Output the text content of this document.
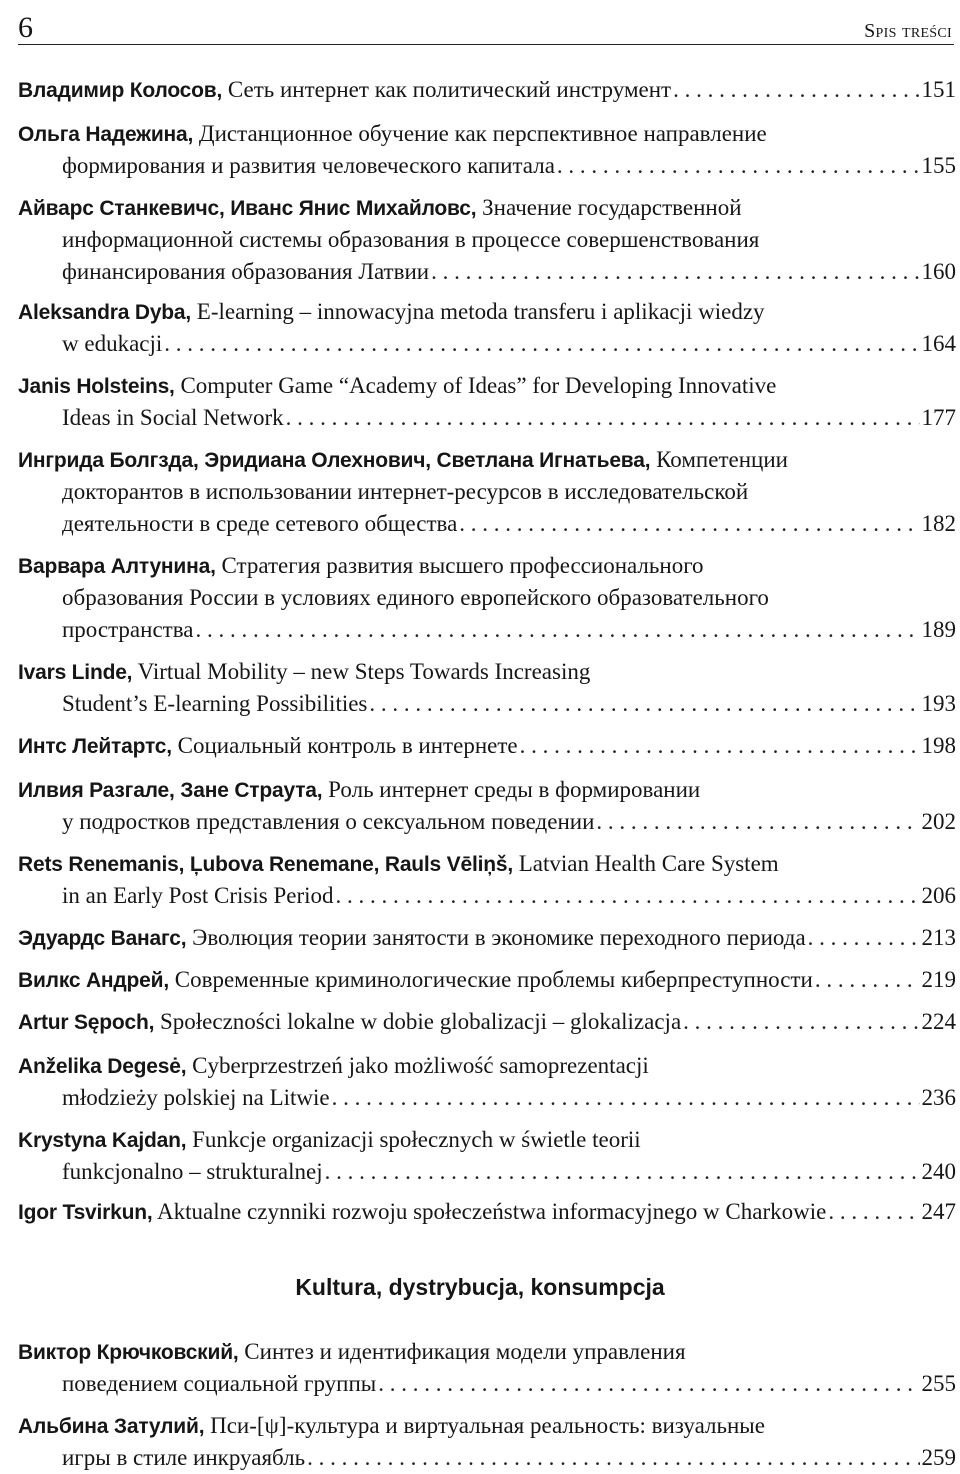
6	Spis treści
Владимир Колосов, Сеть интернет как политический инструмент . . .	151
Ольга Надежина, Дистанционное обучение как перспективное направление
формирования и развития человеческого капитала . . .	155
Айварс Станкевичс, Иванс Янис Михайловс, Значение государственной
информационной системы образования в процессе совершенствования
финансирования образования Латвии . . .	160
Aleksandra Dyba, E-learning – innowacyjna metoda transferu i aplikacji wiedzy
w edukacji . . .	164
Janis Holsteins, Computer Game “Academy of Ideas” for Developing Innovative
Ideas in Social Network . . .	177
Ингрида Болгзда, Эридиана Олехнович, Светлана Игнатьева, Компетенции
докторантов в использовании интернет-ресурсов в исследовательской
деятельности в среде сетевого общества . . .	182
Варвара Алтунина, Стратегия развития высшего профессионального
образования России в условиях единого европейского образовательного
пространства . . .	189
Ivars Linde, Virtual Mobility – new Steps Towards Increasing
Student’s E-learning Possibilities . . .	193
Интс Лейтартс, Социальный контроль в интернете . . .	198
Илвия Разгале, Зане Страута, Роль интернет среды в формировании
у подростков представления о сексуальном поведении . . .	202
Rets Renemanis, Ļubova Renemane, Rauls Vēliņš, Latvian Health Care System
in an Early Post Crisis Period . . .	206
Эдуардс Ванагс, Эволюция теории занятости в экономике переходного периода . . .	213
Вилкс Андрей, Современные криминологические проблемы киберпреступности . . .	219
Artur Sępoch, Społeczności lokalne w dobie globalizacji – glokalizacja . . .	224
Anželika Degesė, Cyberprzestrzeń jako możliwość samoprezentacji
młodzieży polskiej na Litwie . . .	236
Krystyna Kajdan, Funkcje organizacji społecznych w świetle teorii
funkcjonalno – strukturalnej . . .	240
Igor Tsvirkun, Aktualne czynniki rozwoju społeczeństwa informacyjnego w Charkowie . . .	247
Kultura, dystrybucja, konsumpcja
Виктор Крючковский, Синтез и идентификация модели управления
поведением социальной группы . . .	255
Альбина Затулий, Пси-[ψ]-культура и виртуальная реальность: визуальные
игры в стиле инкруаябль . . .	259
